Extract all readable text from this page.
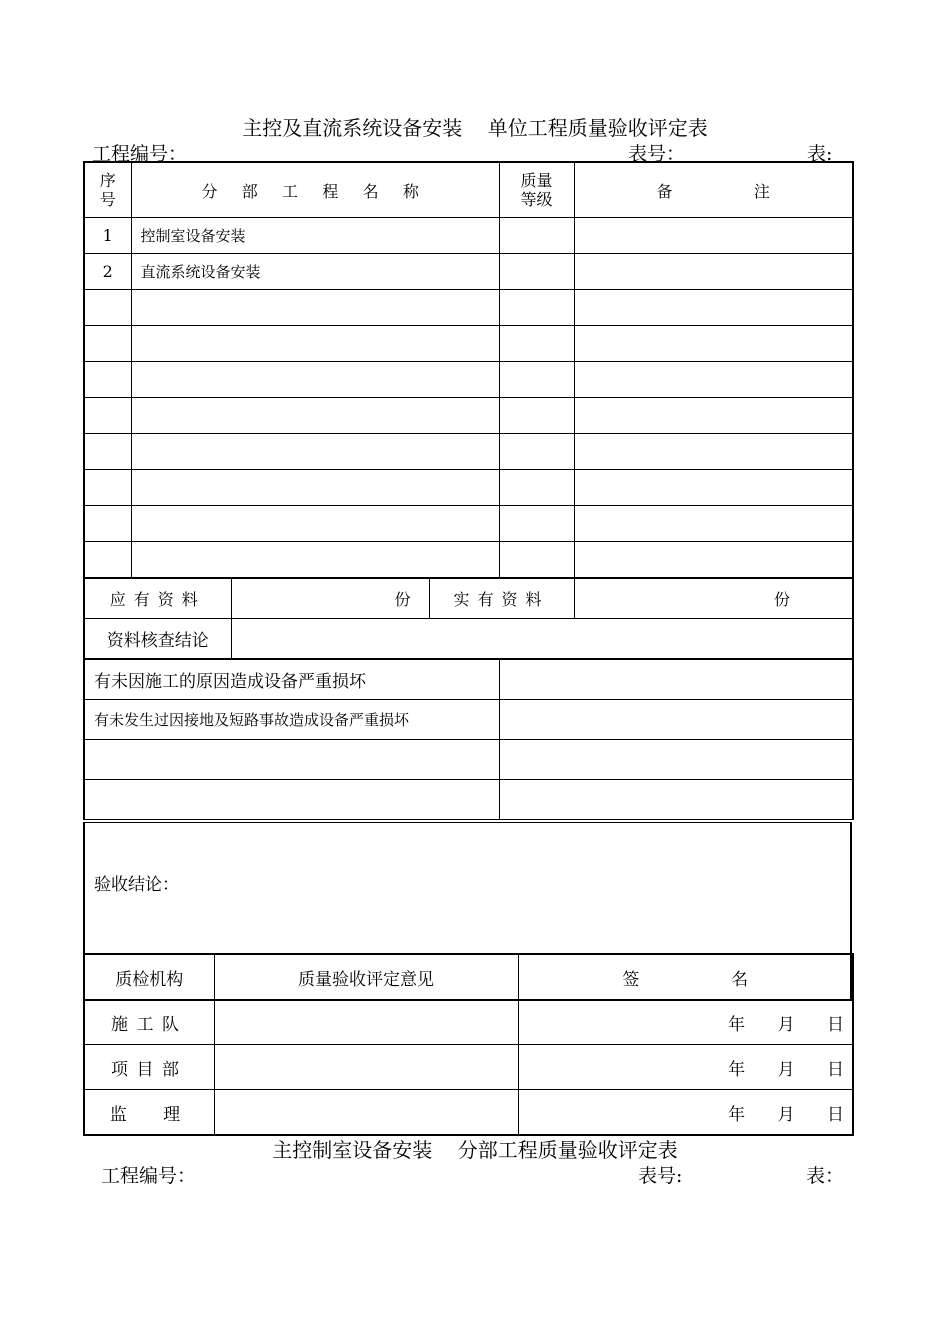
主控及直流系统设备安装    单位工程质量验收评定表
工程编号：	表号：	表:
序号	分 部 工 程 名 称	质量等级	备                注
1	控制室设备安装		
2	直流系统设备安装		

应有资料	份	实有资料	份
资料核查结论			
有未因施工的原因造成设备严重损坏	
有未发生过因接地及短路事故造成设备严重损坏	

验收结论：
质检机构	质量验收评定意见	签                 名
施工队		年      月      日
项目部		年      月      日
监  理		年      月      日
主控制室设备安装    分部工程质量验收评定表
工程编号：	表号:	表：
